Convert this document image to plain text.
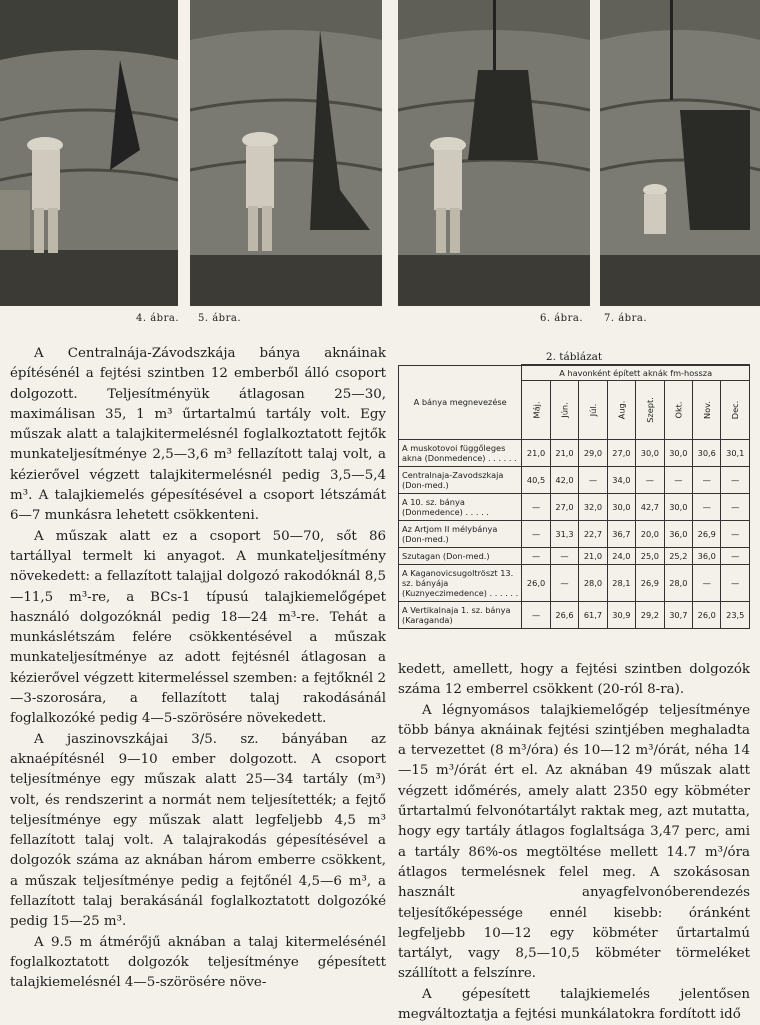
4. ábra. 5. ábra.	6. ábra. 7. ábra.

A Centralnája-Závodszkája bánya aknáinak építésénél a fejtési szintben 12 emberből álló csoport dolgozott. Teljesítményük átlagosan 25—30, maximálisan 35, 1 m³ űrtartalmú tartály volt. Egy műszak alatt a talajkitermelésnél foglalkoztatott fejtők munkateljesítménye 2,5—3,6 m³ fellazított talaj volt, a kézierővel végzett talajkitermelésnél pedig 3,5—5,4 m³. A talajkiemelés gépesítésével a csoport létszámát 6—7 munkásra lehetett csökkenteni.

A műszak alatt ez a csoport 50—70, sőt 86 tartállyal termelt ki anyagot. A munkateljesítmény növekedett: a fellazított talajjal dolgozó rakodóknál 8,5—11,5 m³-re, a BCs-1 típusú talajkiemelőgépet használó dolgozóknál pedig 18—24 m³-re. Tehát a munkáslétszám felére csökkentésével a műszak munkateljesítménye az adott fejtésnél átlagosan a kézierővel végzett kitermeléssel szemben: a fejtőknél 2—3-szorosára, a fellazított talaj rakodásánál foglalkozóké pedig 4—5-szörösére növekedett.

A jaszinovszkájai 3/5. sz. bányában az aknaépítésnél 9—10 ember dolgozott. A csoport teljesítménye egy műszak alatt 25—34 tartály (m³) volt, és rendszerint a normát nem teljesítették; a fejtő teljesítménye egy műszak alatt legfeljebb 4,5 m³ fellazított talaj volt. A talajrakodás gépesítésével a dolgozók száma az aknában három emberre csökkent, a műszak teljesítménye pedig a fejtőnél 4,5—6 m³, a fellazított talaj berakásánál foglalkoztatott dolgozóké pedig 15—25 m³.

A 9.5 m átmérőjű aknában a talaj kitermelésénél foglalkoztatott dolgozók teljesítménye gépesített talajkiemelésnél 4—5-szörösére növe-

2. táblázat
A bánya megnevezése	A havonként épített aknák fm-hossza							
	Máj.	Jún.	Júl.	Aug.	Szept.	Okt.	Nov.	Dec.
A muskotovoi függőleges akna (Donmedence) . . . . . .	21,0	21,0	29,0	27,0	30,0	30,0	30,6	30,1
Centralnaja-Zavodszkaja (Don-med.)	40,5	42,0	—	34,0	—	—	—	—
A 10. sz. bánya (Donmedence) . . . . .	—	27,0	32,0	30,0	42,7	30,0	—	—
Az Artjom II mélybánya (Don-med.)	—	31,3	22,7	36,7	20,0	36,0	26,9	—
Szutagan (Don-med.)	—	—	21,0	24,0	25,0	25,2	36,0	—
A Kaganovicsugoltröszt 13. sz. bányája (Kuznyeczimedence) . . . . . .	26,0	—	28,0	28,1	26,9	28,0	—	—
A Vertikalnaja 1. sz. bánya (Karaganda)	—	26,6	61,7	30,9	29,2	30,7	26,0	23,5

kedett, amellett, hogy a fejtési szintben dolgozók száma 12 emberrel csökkent (20-ról 8-ra).

A légnyomásos talajkiemelőgép teljesítménye több bánya aknáinak fejtési szintjében meghaladta a tervezettet (8 m³/óra) és 10—12 m³/órát, néha 14—15 m³/órát ért el. Az aknában 49 műszak alatt végzett időmérés, amely alatt 2350 egy köbméter űrtartalmú felvonótartályt raktak meg, azt mutatta, hogy egy tartály átlagos foglaltsága 3,47 perc, ami a tartály 86%-os megtöltése mellett 14.7 m³/óra átlagos termelésnek felel meg. A szokásosan használt anyagfelvonóberendezés teljesítőképessége ennél kisebb: óránként legfeljebb 10—12 egy köbméter űrtartalmú tartályt, vagy 8,5—10,5 köbméter törmeléket szállított a felszínre.

A gépesített talajkiemelés jelentősen megváltoztatja a fejtési munkálatokra fordított idő
